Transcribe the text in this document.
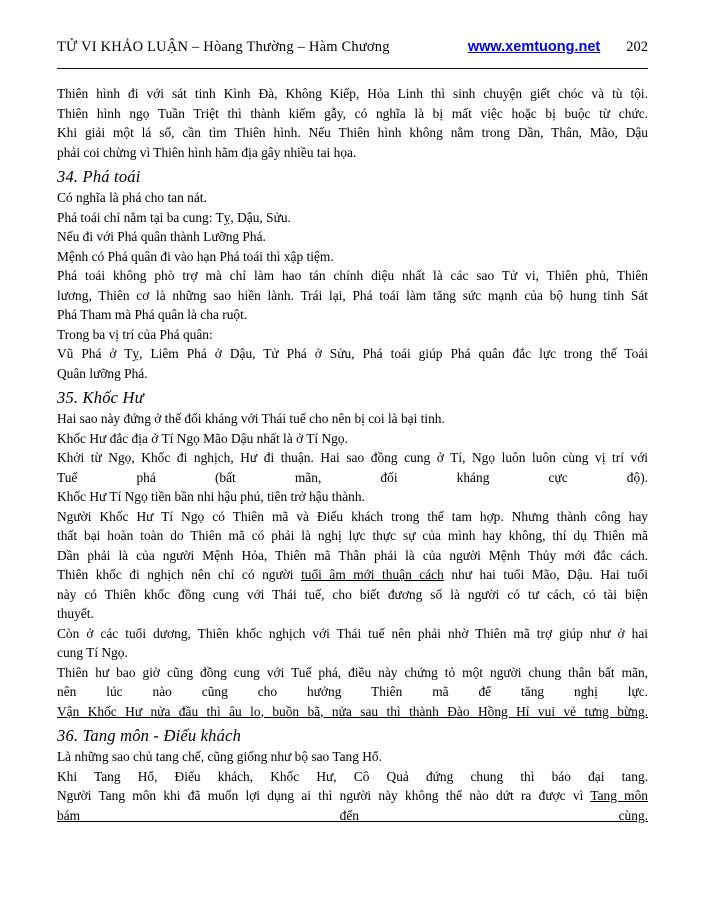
TỬ VI KHẢO LUẬN – Hòang Thường – Hàm Chương	www.xemtuong.net 202
Thiên hình đi với sát tinh Kình Đà, Không Kiếp, Hỏa Linh thì sinh chuyện giết chóc và tù tội.
Thiên hình ngọ Tuần Triệt thì thành kiếm gẫy, có nghĩa là bị mất việc hoặc bị buộc từ chức.
Khi giải một lá số, cần tìm Thiên hình. Nếu Thiên hình không nằm trong Dần, Thân, Mão, Dậu
phải coi chừng vì Thiên hình hãm địa gây nhiều tai họa.
34. Phá toái
Có nghĩa là phá cho tan nát.
Phá toái chỉ nằm tại ba cung: Tỵ, Dậu, Sửu.
Nếu đi với Phá quân thành Lưỡng Phá.
Mệnh có Phá quân đi vào hạn Phá toái thì xập tiệm.
Phá toái không phò trợ mà chỉ làm hao tán chính diệu nhất là các sao Tử vi, Thiên phủ, Thiên
lương, Thiên cơ là những sao hiền lành. Trái lại, Phá toái làm tăng sức mạnh của bộ hung tinh Sát
Phá Tham mà Phá quân là cha ruột.
Trong ba vị trí của Phá quân:
Vũ Phá ở Tỵ, Liêm Phá ở Dậu, Tử Phá ở Sửu, Phá toái giúp Phá quân đắc lực trong thế Toái
Quân lưỡng Phá.
35. Khốc Hư
Hai sao này đứng ở thế đối kháng với Thái tuế cho nên bị coi là bại tinh.
Khốc Hư đắc địa ở Tí Ngọ Mão Dậu nhất là ở Tí Ngọ.
Khởi từ Ngọ, Khốc đi nghịch, Hư đi thuận. Hai sao đồng cung ở Tí, Ngọ luôn luôn cùng vị trí với
Tuế phá (bất mãn, đối kháng cực độ).
Khốc Hư Tí Ngọ tiền bần nhi hậu phú, tiên trở hậu thành.
Người Khốc Hư Tí Ngọ có Thiên mã và Điếu khách trong thế tam hợp. Nhưng thành công hay
thất bại hoàn toàn do Thiên mã có phải là nghị lực thực sự của mình hay không, thí dụ Thiên mã
Dần phải là của người Mệnh Hỏa, Thiên mã Thân phải là của người Mệnh Thủy mới đắc cách.
Thiên khốc đi nghịch nên chỉ có người tuổi âm mới thuận cách như hai tuổi Mão, Dậu. Hai tuổi
này có Thiên khốc đồng cung với Thái tuế, cho biết đương số là người có tư cách, có tài biện
thuyết.
Còn ở các tuổi dương, Thiên khốc nghịch với Thái tuế nên phải nhờ Thiên mã trợ giúp như ở hai
cung Tí Ngọ.
Thiên hư bao giờ cũng đồng cung với Tuế phá, điều này chứng tỏ một người chung thân bất mãn,
nên lúc nào cũng cho hưởng Thiên mã để tăng nghị lực.
Vận Khốc Hư nửa đầu thì âu lo, buồn bã, nửa sau thì thành Đào Hồng Hỉ vui vẻ tưng bừng.
36. Tang môn - Điếu khách
Là những sao chủ tang chế, cũng giống như bộ sao Tang Hổ.
Khi Tang Hổ, Điếu khách, Khốc Hư, Cô Quả đứng chung thì báo đại tang.
Người Tang môn khi đã muốn lợi dụng ai thì người này không thể nào dứt ra được vì Tang môn
bám đến cùng.
